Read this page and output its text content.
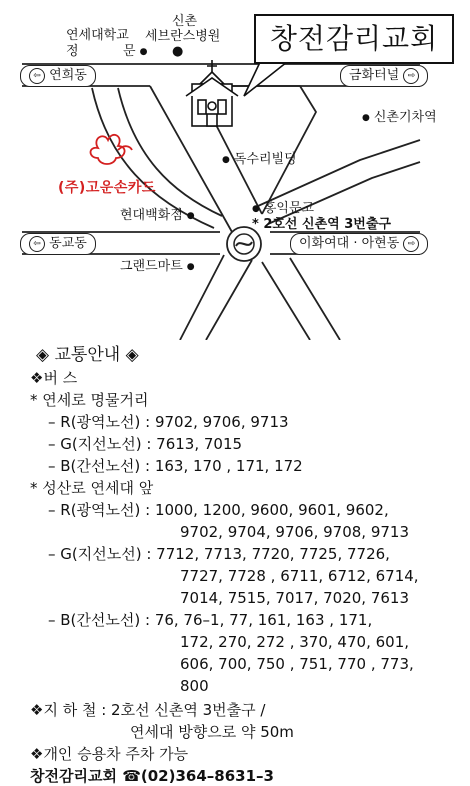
창전감리교회
(주)고운손카드
연세대학교
정	문 ●
신촌
세브란스병원
●
● 신촌기차역
● 독수리빌딩
● 홍익문고
현대백화점 ●
그랜드마트 ●
* 2호선 신촌역 3번출구
⇦ 연희동	금화터널 ⇨
⇦ 동교동	이화여대 · 아현동 ⇨
◈ 교통안내 ◈
❖버 스
* 연세로 명물거리
– R(광역노선) : 9702, 9706, 9713
– G(지선노선) : 7613, 7015
– B(간선노선) : 163, 170 , 171, 172
* 성산로 연세대 앞
– R(광역노선) : 1000, 1200, 9600, 9601, 9602,
9702, 9704, 9706, 9708, 9713
– G(지선노선) : 7712, 7713, 7720, 7725, 7726,
7727, 7728 , 6711, 6712, 6714,
7014, 7515, 7017, 7020, 7613
– B(간선노선) : 76, 76–1, 77, 161, 163 , 171,
172, 270, 272 , 370, 470, 601,
606, 700, 750 , 751, 770 , 773,
800
❖지 하 철 : 2호선 신촌역 3번출구 /
연세대 방향으로 약 50m
❖개인 승용차 주차 가능
창전감리교회 ☎(02)364–8631–3
